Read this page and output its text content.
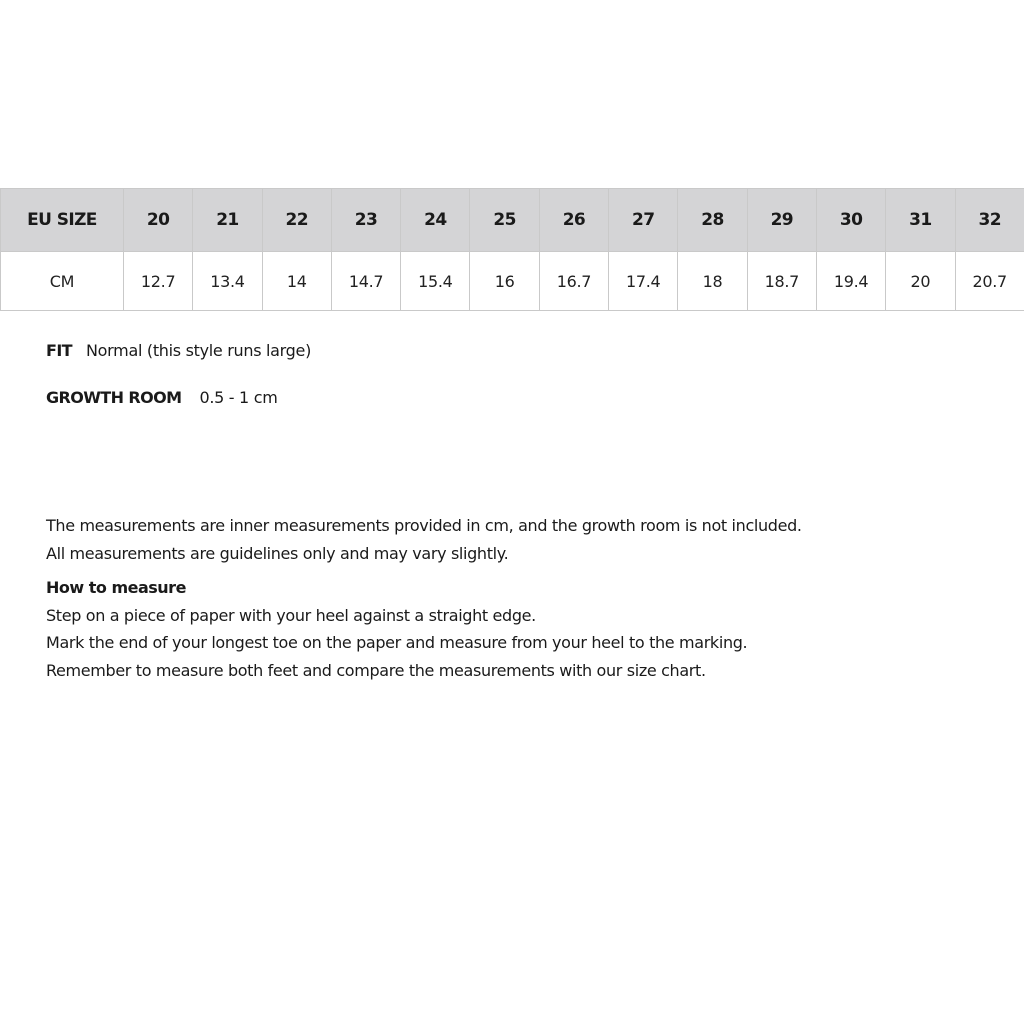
EU SIZE	20	21	22	23	24	25	26	27	28	29	30	31	32
CM	12.7	13.4	14	14.7	15.4	16	16.7	17.4	18	18.7	19.4	20	20.7
FIT Normal (this style runs large)
GROWTH ROOM 0.5 - 1 cm

The measurements are inner measurements provided in cm, and the growth room is not included.

All measurements are guidelines only and may vary slightly.

How to measure

Step on a piece of paper with your heel against a straight edge.

Mark the end of your longest toe on the paper and measure from your heel to the marking.

Remember to measure both feet and compare the measurements with our size chart.
